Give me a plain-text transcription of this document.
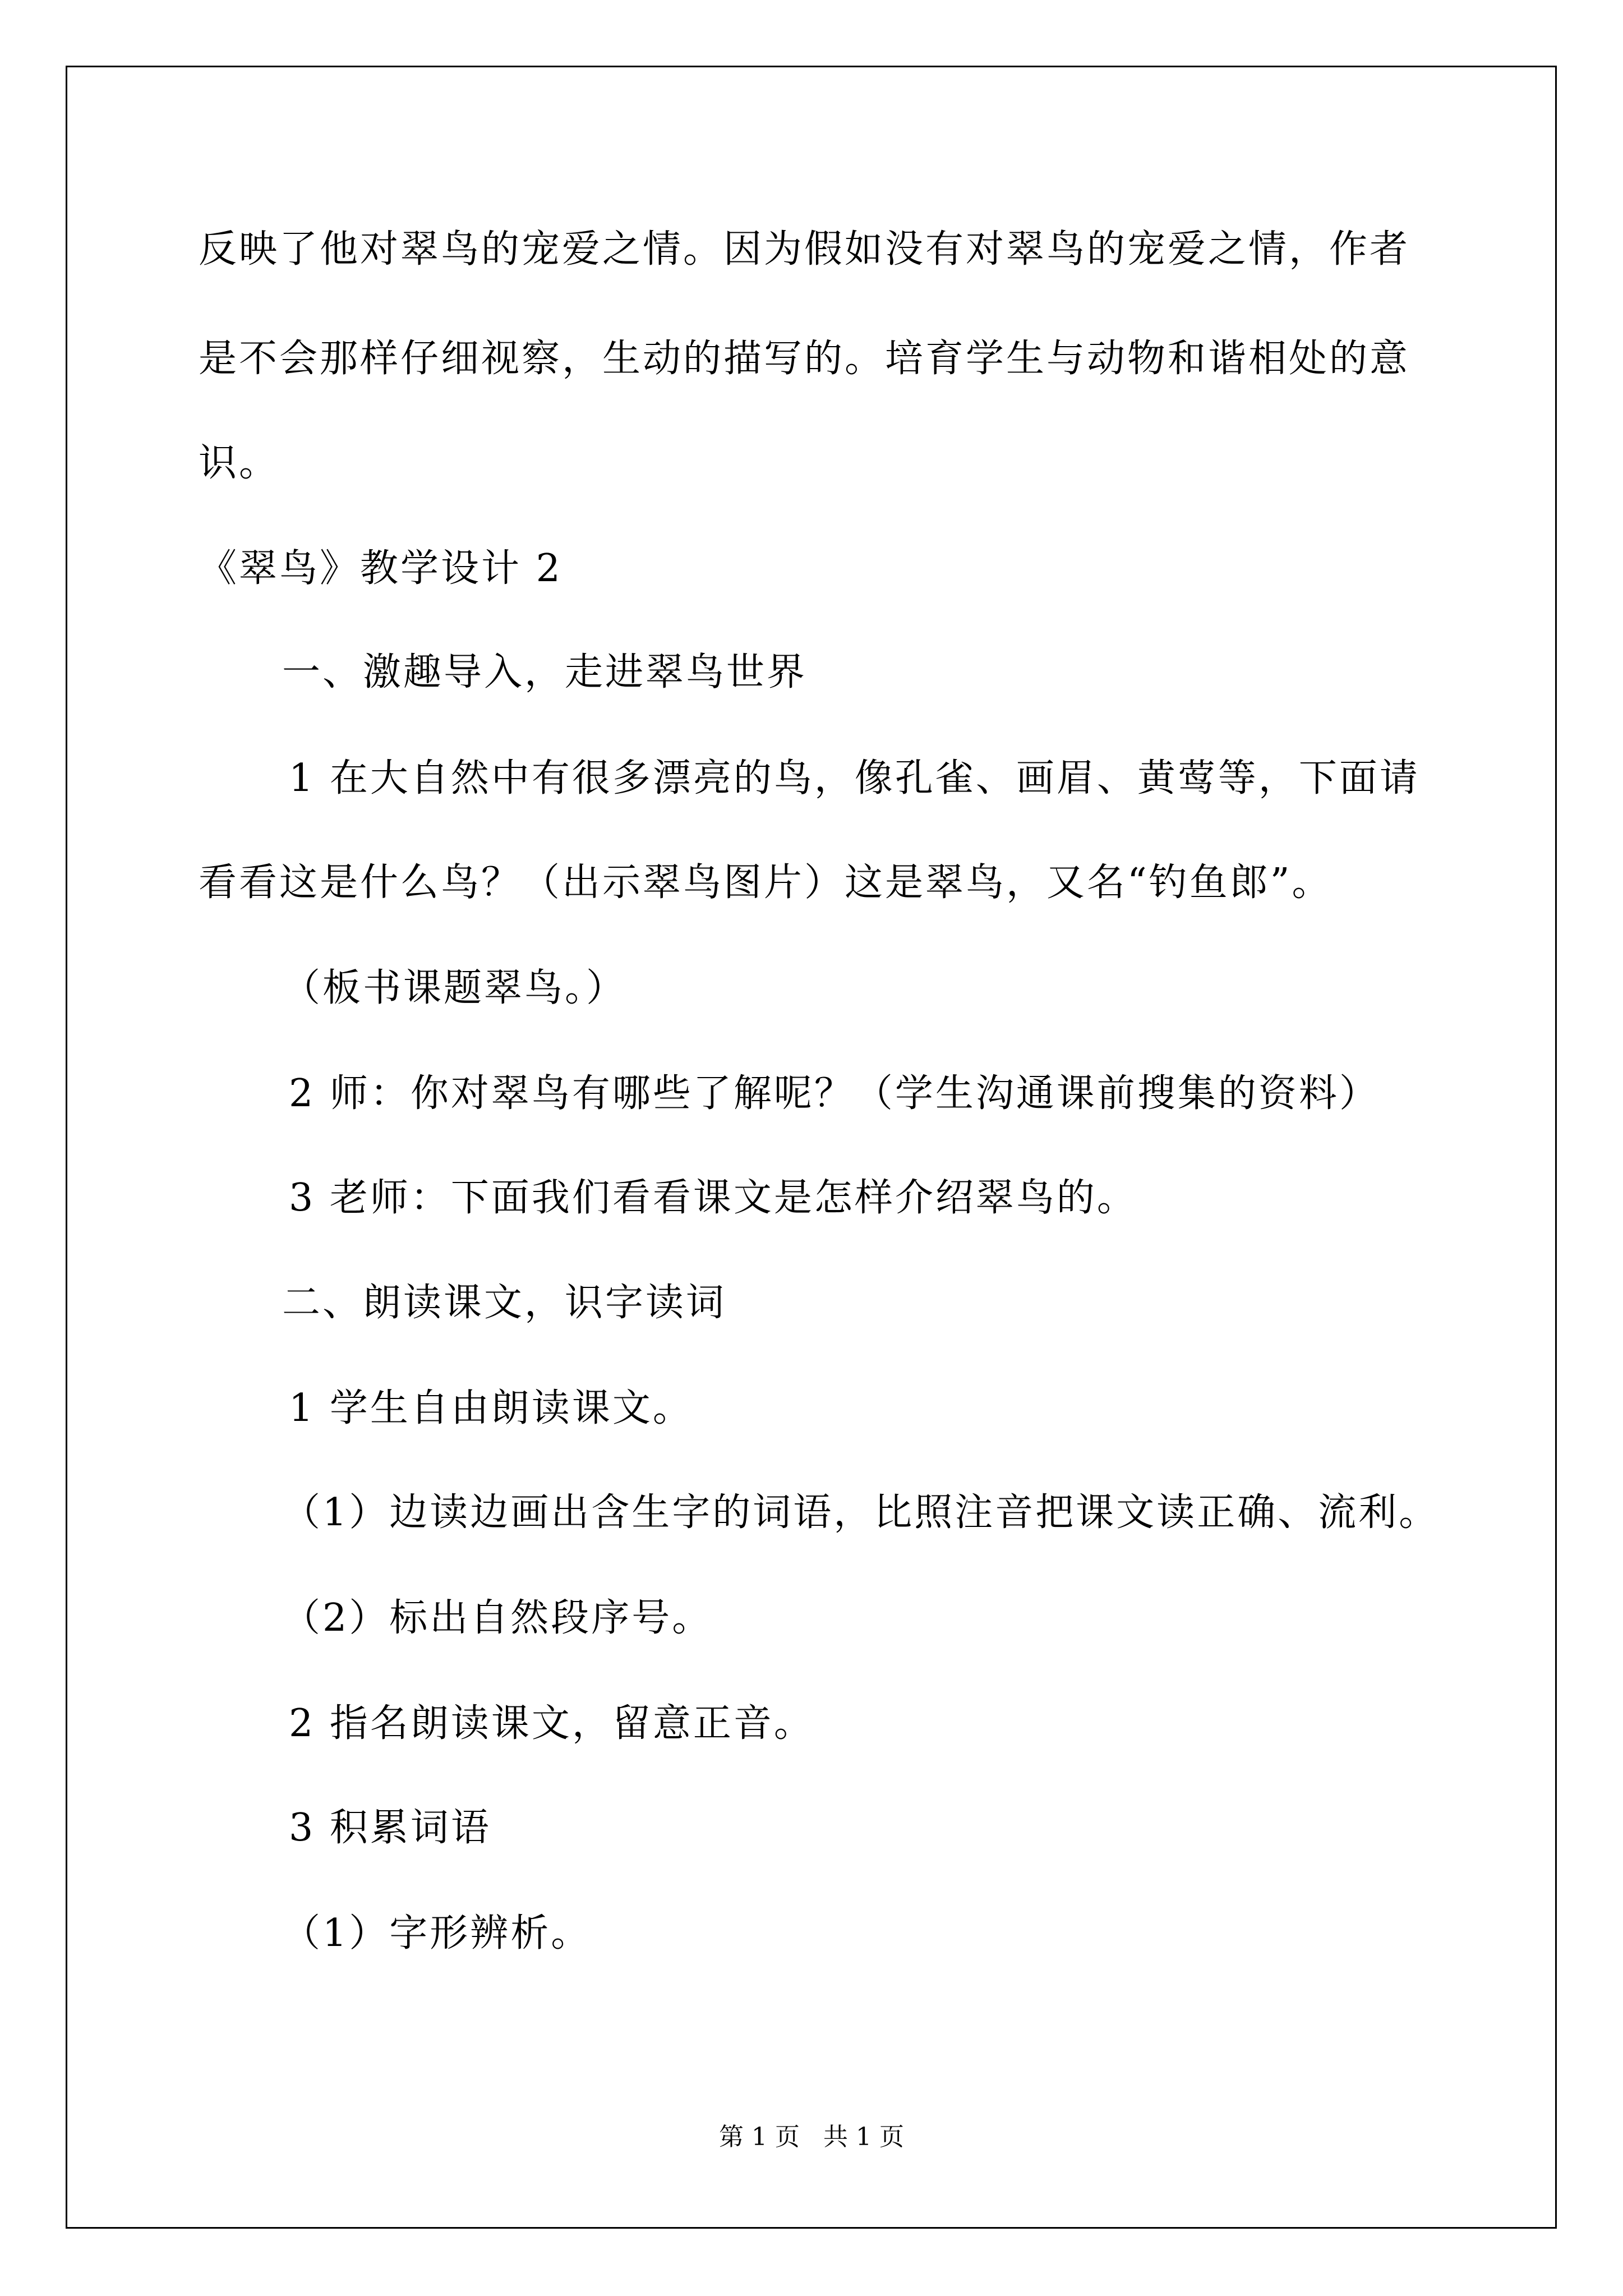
反映了他对翠鸟的宠爱之情。因为假如没有对翠鸟的宠爱之情，作者
是不会那样仔细视察，生动的描写的。培育学生与动物和谐相处的意
识。
《翠鸟》教学设计 2
一、激趣导入，走进翠鸟世界
1 在大自然中有很多漂亮的鸟，像孔雀、画眉、黄莺等，下面请
看看这是什么鸟？（出示翠鸟图片）这是翠鸟，又名“钓鱼郎”。
（板书课题翠鸟。）
2 师：你对翠鸟有哪些了解呢？（学生沟通课前搜集的资料）
3 老师：下面我们看看课文是怎样介绍翠鸟的。
二、朗读课文，识字读词
1 学生自由朗读课文。
（1）边读边画出含生字的词语，比照注音把课文读正确、流利。
（2）标出自然段序号。
2 指名朗读课文，留意正音。
3 积累词语
（1）字形辨析。
第 1 页   共 1 页
